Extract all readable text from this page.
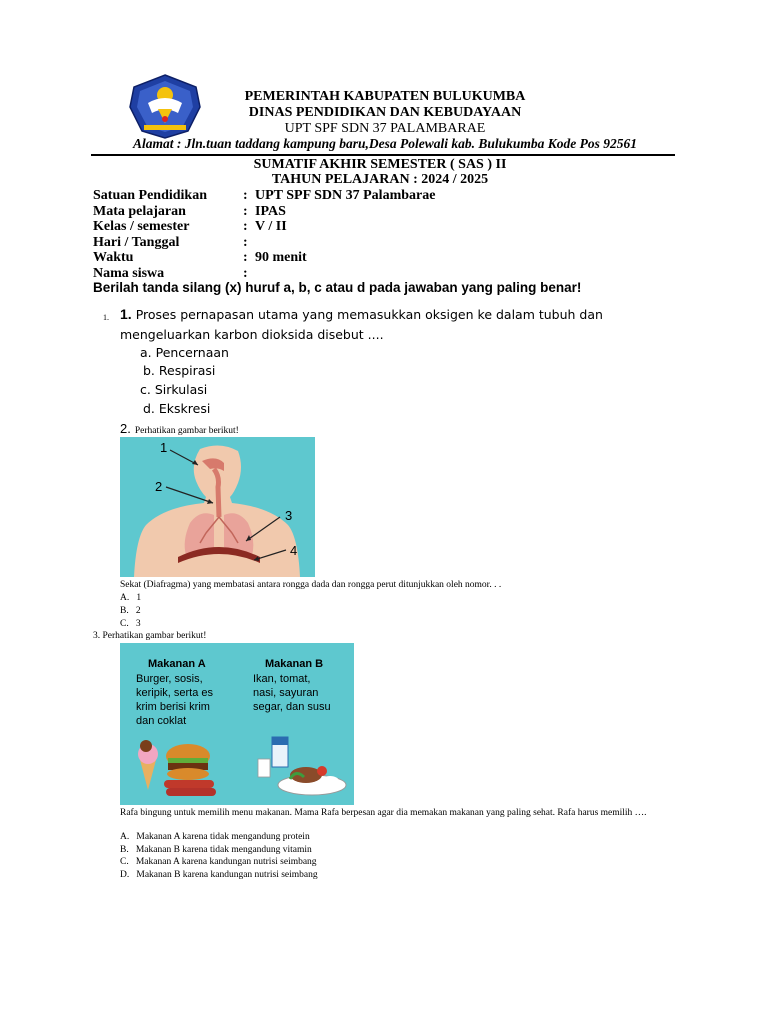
PEMERINTAH KABUPATEN BULUKUMBA
DINAS PENDIDIKAN DAN KEBUDAYAAN
UPT SPF SDN 37 PALAMBARAE
Alamat : Jln.tuan taddang kampung baru,Desa Polewali kab. Bulukumba Kode Pos 92561
SUMATIF AKHIR SEMESTER ( SAS ) II
TAHUN PELAJARAN : 2024 / 2025
Satuan Pendidikan	: UPT SPF SDN 37 Palambarae
Mata pelajaran	: IPAS
Kelas / semester	: V / II
Hari / Tanggal	:
Waktu	: 90 menit
Nama siswa	:
Berilah tanda silang (x) huruf a, b, c atau d pada jawaban yang paling benar!
1. 1. Proses pernapasan utama yang memasukkan oksigen ke dalam tubuh dan mengeluarkan karbon dioksida disebut ....
a. Pencernaan
b. Respirasi
c. Sirkulasi
d. Ekskresi
2. Perhatikan gambar berikut!
1
2
3
4
Sekat (Diafragma) yang membatasi antara rongga dada dan rongga perut ditunjukkan oleh nomor. . .
A. 1
B. 2
C. 3
3. Perhatikan gambar berikut!
Makanan A
Burger, sosis,
keripik, serta es
krim berisi krim
dan coklat
Makanan B
Ikan, tomat,
nasi, sayuran
segar, dan susu
Rafa bingung untuk memilih menu makanan. Mama Rafa berpesan agar dia memakan makanan yang paling sehat. Rafa harus memilih ….
A. Makanan A karena tidak mengandung protein
B. Makanan B karena tidak mengandung vitamin
C. Makanan A karena kandungan nutrisi seimbang
D. Makanan B karena kandungan nutrisi seimbang
